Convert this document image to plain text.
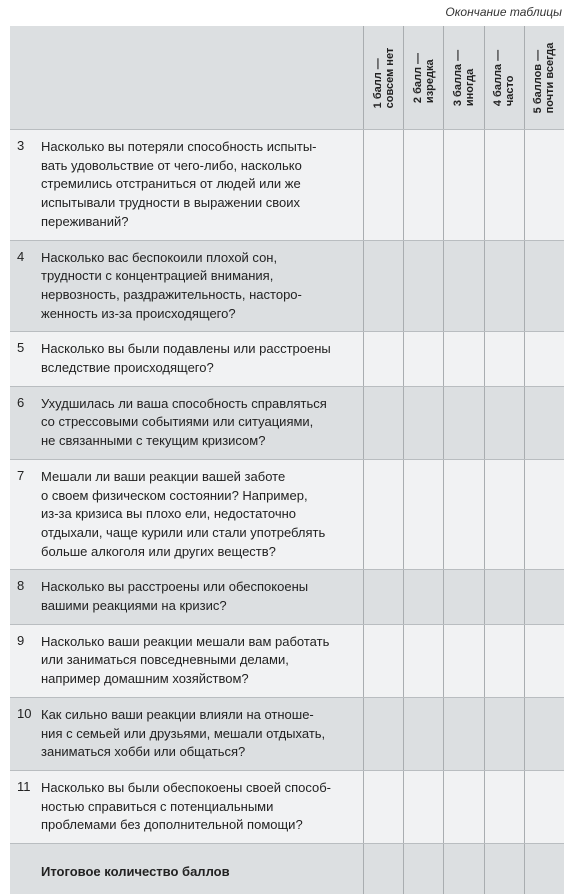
Окончание таблицы
1 балл — совсем нет 2 балл — изредка 3 балла — иногда 4 балла — часто 5 баллов — почти всегда
3	Насколько вы потеряли способность испыты-
вать удовольствие от чего-либо, насколько
стремились отстраниться от людей или же
испытывали трудности в выражении своих
переживаний?
4	Насколько вас беспокоили плохой сон,
трудности с концентрацией внимания,
нервозность, раздражительность, насторо-
женность из-за происходящего?
5	Насколько вы были подавлены или расстроены
вследствие происходящего?
6	Ухудшилась ли ваша способность справляться
со стрессовыми событиями или ситуациями,
не связанными с текущим кризисом?
7	Мешали ли ваши реакции вашей заботе
о своем физическом состоянии? Например,
из-за кризиса вы плохо ели, недостаточно
отдыхали, чаще курили или стали употреблять
больше алкоголя или других веществ?
8	Насколько вы расстроены или обеспокоены
вашими реакциями на кризис?
9	Насколько ваши реакции мешали вам работать
или заниматься повседневными делами,
например домашним хозяйством?
10 Как сильно ваши реакции влияли на отноше-
ния с семьей или друзьями, мешали отдыхать,
заниматься хобби или общаться?
11 Насколько вы были обеспокоены своей способ-
ностью справиться с потенциальными
проблемами без дополнительной помощи?
Итоговое количество баллов
